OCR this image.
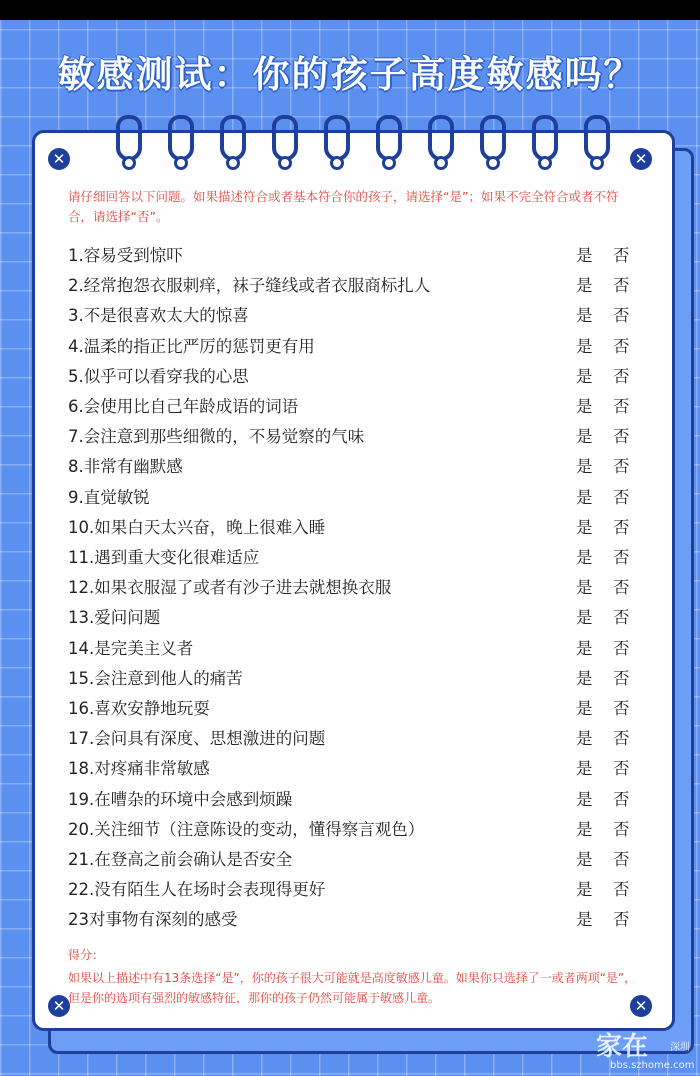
敏感测试：你的孩子高度敏感吗？
✕	✕
✕	✕
请仔细回答以下问题。如果描述符合或者基本符合你的孩子，请选择“是”；如果不完全符合或者不符合，请选择“否”。
1.容易受到惊吓	是 否
2.经常抱怨衣服刺痒，袜子缝线或者衣服商标扎人	是 否
3.不是很喜欢太大的惊喜	是 否
4.温柔的指正比严厉的惩罚更有用	是 否
5.似乎可以看穿我的心思	是 否
6.会使用比自己年龄成语的词语	是 否
7.会注意到那些细微的，不易觉察的气味	是 否
8.非常有幽默感	是 否
9.直觉敏锐	是 否
10.如果白天太兴奋，晚上很难入睡	是 否
11.遇到重大变化很难适应	是 否
12.如果衣服湿了或者有沙子进去就想换衣服	是 否
13.爱问问题	是 否
14.是完美主义者	是 否
15.会注意到他人的痛苦	是 否
16.喜欢安静地玩耍	是 否
17.会问具有深度、思想激进的问题	是 否
18.对疼痛非常敏感	是 否
19.在嘈杂的环境中会感到烦躁	是 否
20.关注细节（注意陈设的变动，懂得察言观色）	是 否
21.在登高之前会确认是否安全	是 否
22.没有陌生人在场时会表现得更好	是 否
23对事物有深刻的感受	是 否
得分：
如果以上描述中有13条选择“是”，你的孩子很大可能就是高度敏感儿童。如果你只选择了一或者两项“是”，但是你的选项有强烈的敏感特征，那你的孩子仍然可能属于敏感儿童。
家在 深圳
bbs.szhome.com
